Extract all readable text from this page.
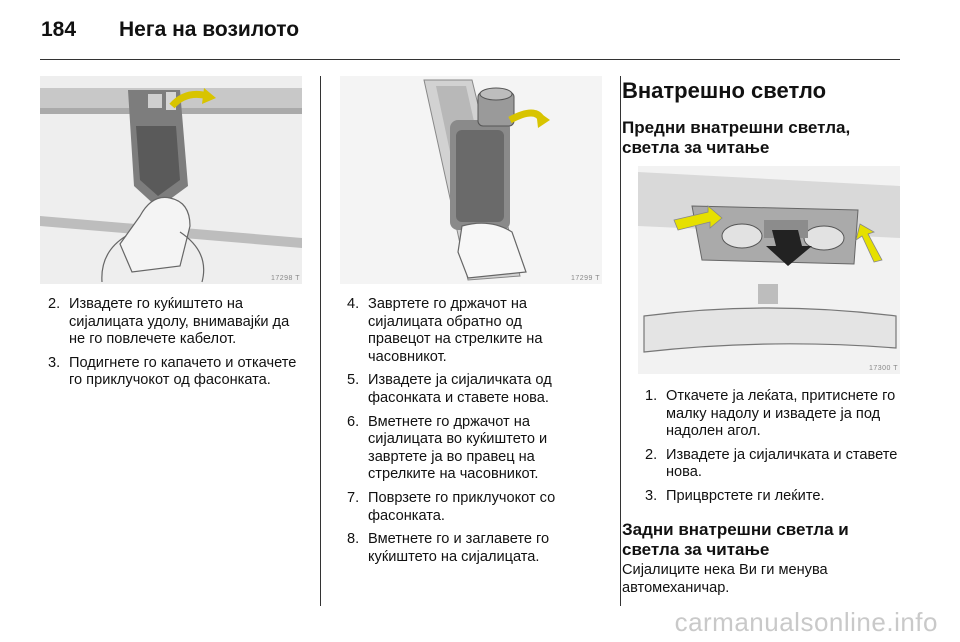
184 Нега на возилото
17298 T	17299 T
17300 T
2. Извадете го куќиштето на сијалицата удолу, внимавајќи да не го повлечете кабелот.
3. Подигнете го капачето и откачете го приклучокот од фасонката.
4. Завртете го држачот на сијалицата обратно од правецот на стрелките на часовникот.
5. Извадете ја сијаличката од фасонката и ставете нова.
6. Вметнете го држачот на сијалицата во куќиштето и завртете ја во правец на стрелките на часовникот.
7. Поврзете го приклучокот со фасонката.
8. Вметнете го и заглавете го куќиштето на сијалицата.
Внатрешно светло
Предни внатрешни светла, светла за читање
1. Откачете ја леќата, притиснете го малку надолу и извадете ја под надолен агол.
2. Извадете ја сијаличката и ставете нова.
3. Прицврстете ги леќите.
Задни внатрешни светла и светла за читање
Сијалиците нека Ви ги менува автомеханичар.
carmanualsonline.info
